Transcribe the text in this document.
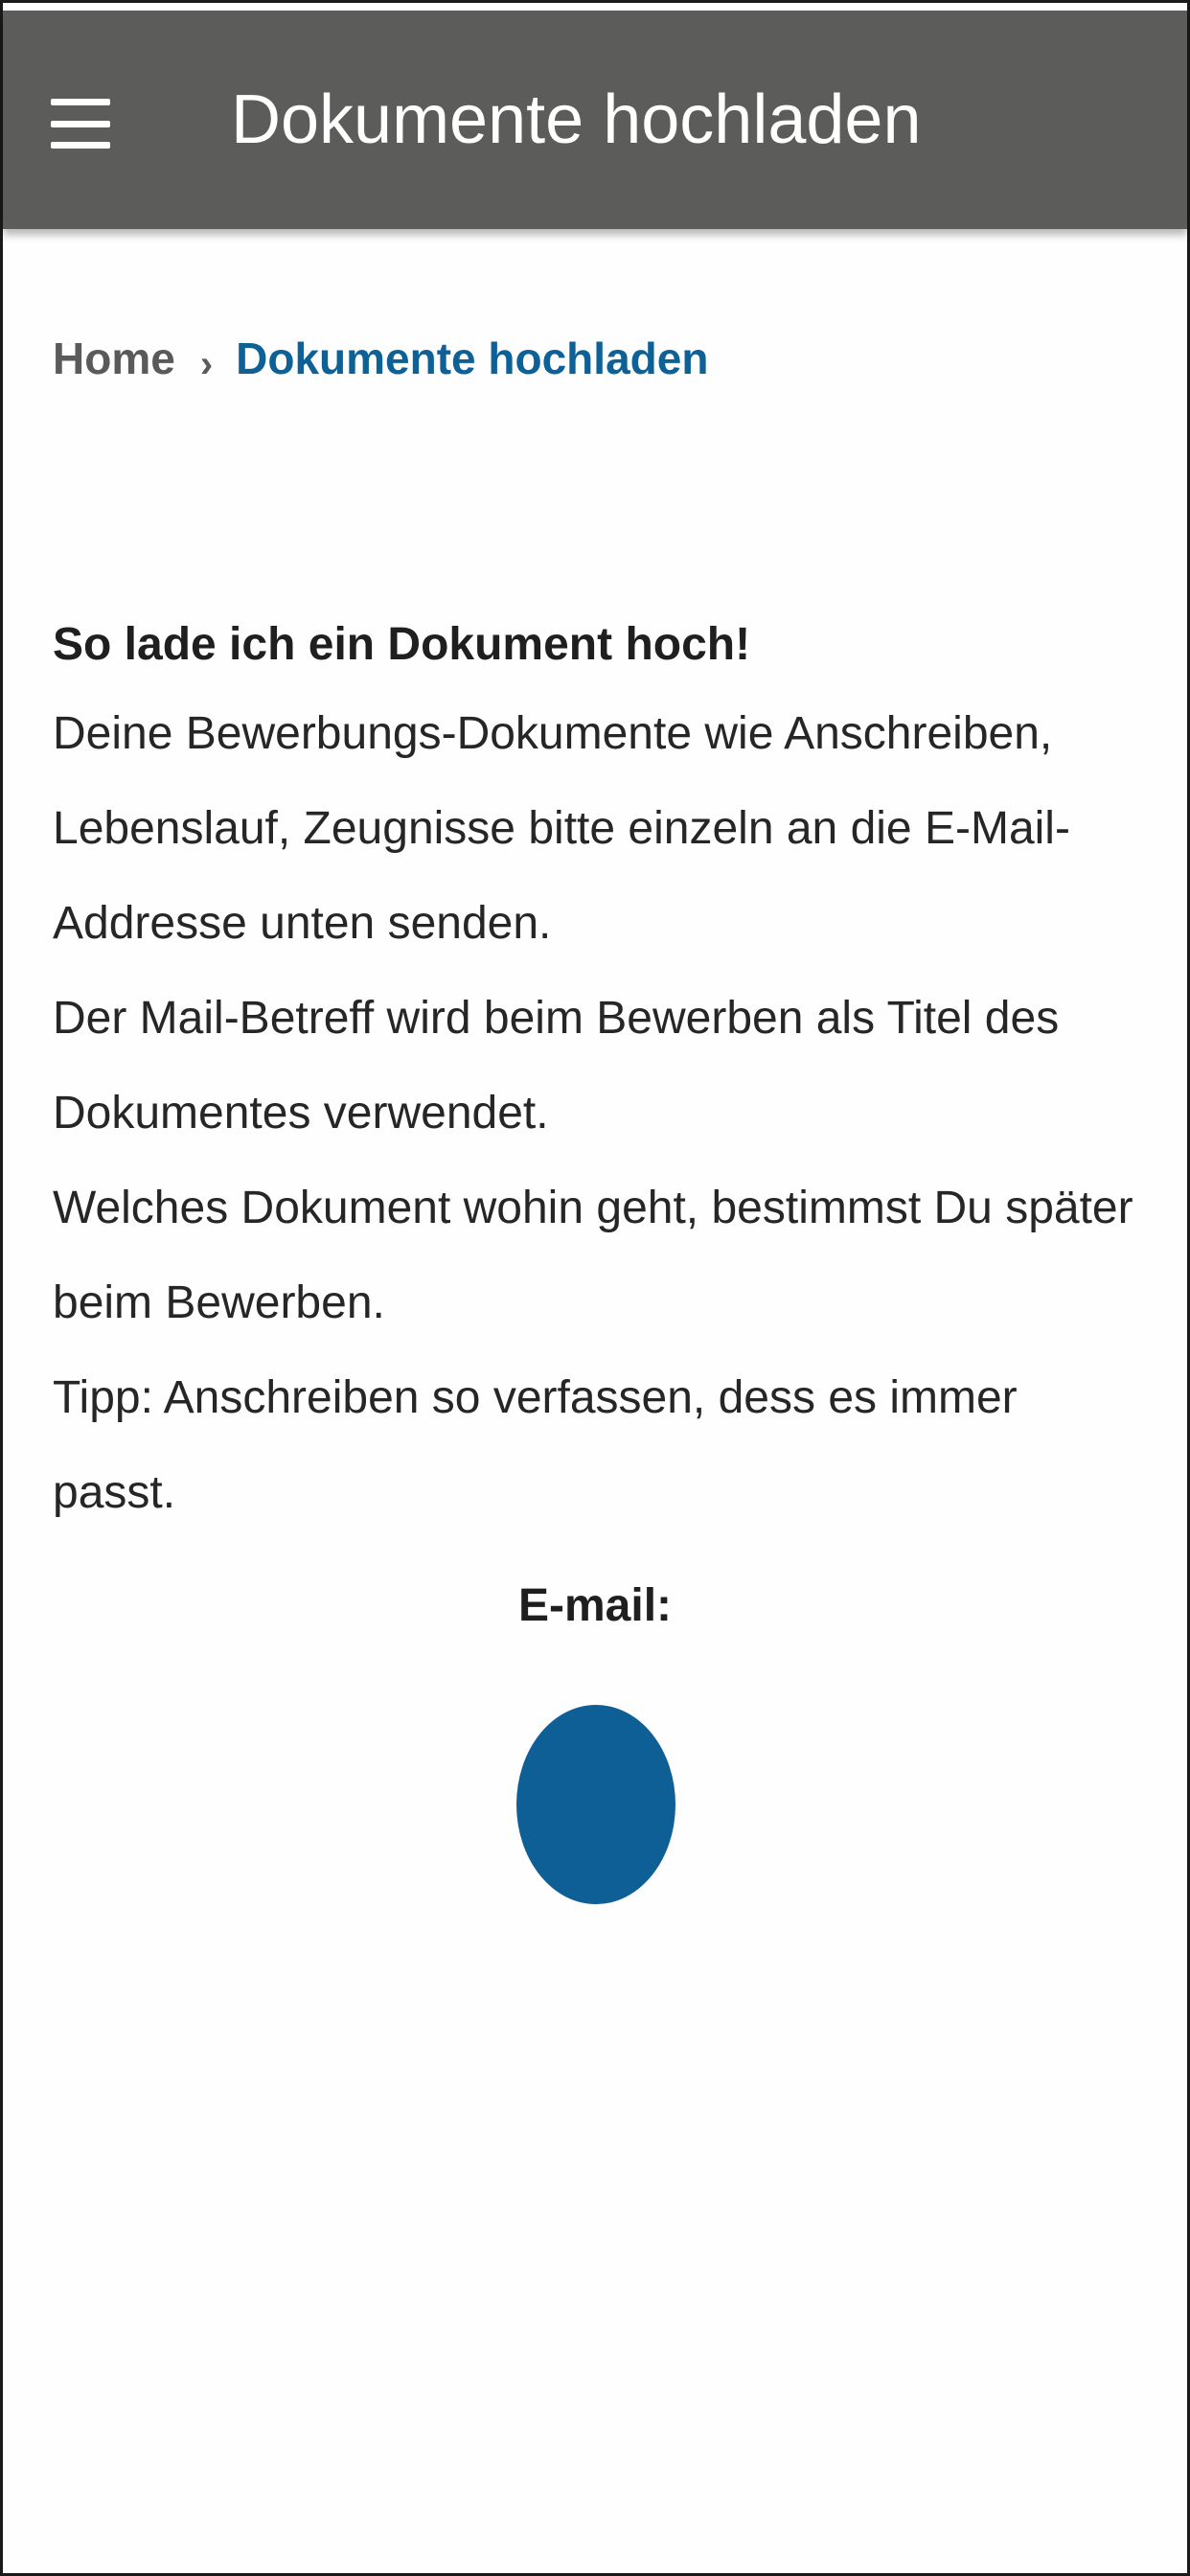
Dokumente hochladen
Home › Dokumente hochladen
So lade ich ein Dokument hoch!
Deine Bewerbungs-Dokumente wie Anschreiben, Lebenslauf, Zeugnisse bitte einzeln an die E-Mail-Addresse unten senden.
Der Mail-Betreff wird beim Bewerben als Titel des Dokumentes verwendet.
Welches Dokument wohin geht, bestimmst Du später beim Bewerben.
Tipp: Anschreiben so verfassen, dess es immer passt.
E-mail:
